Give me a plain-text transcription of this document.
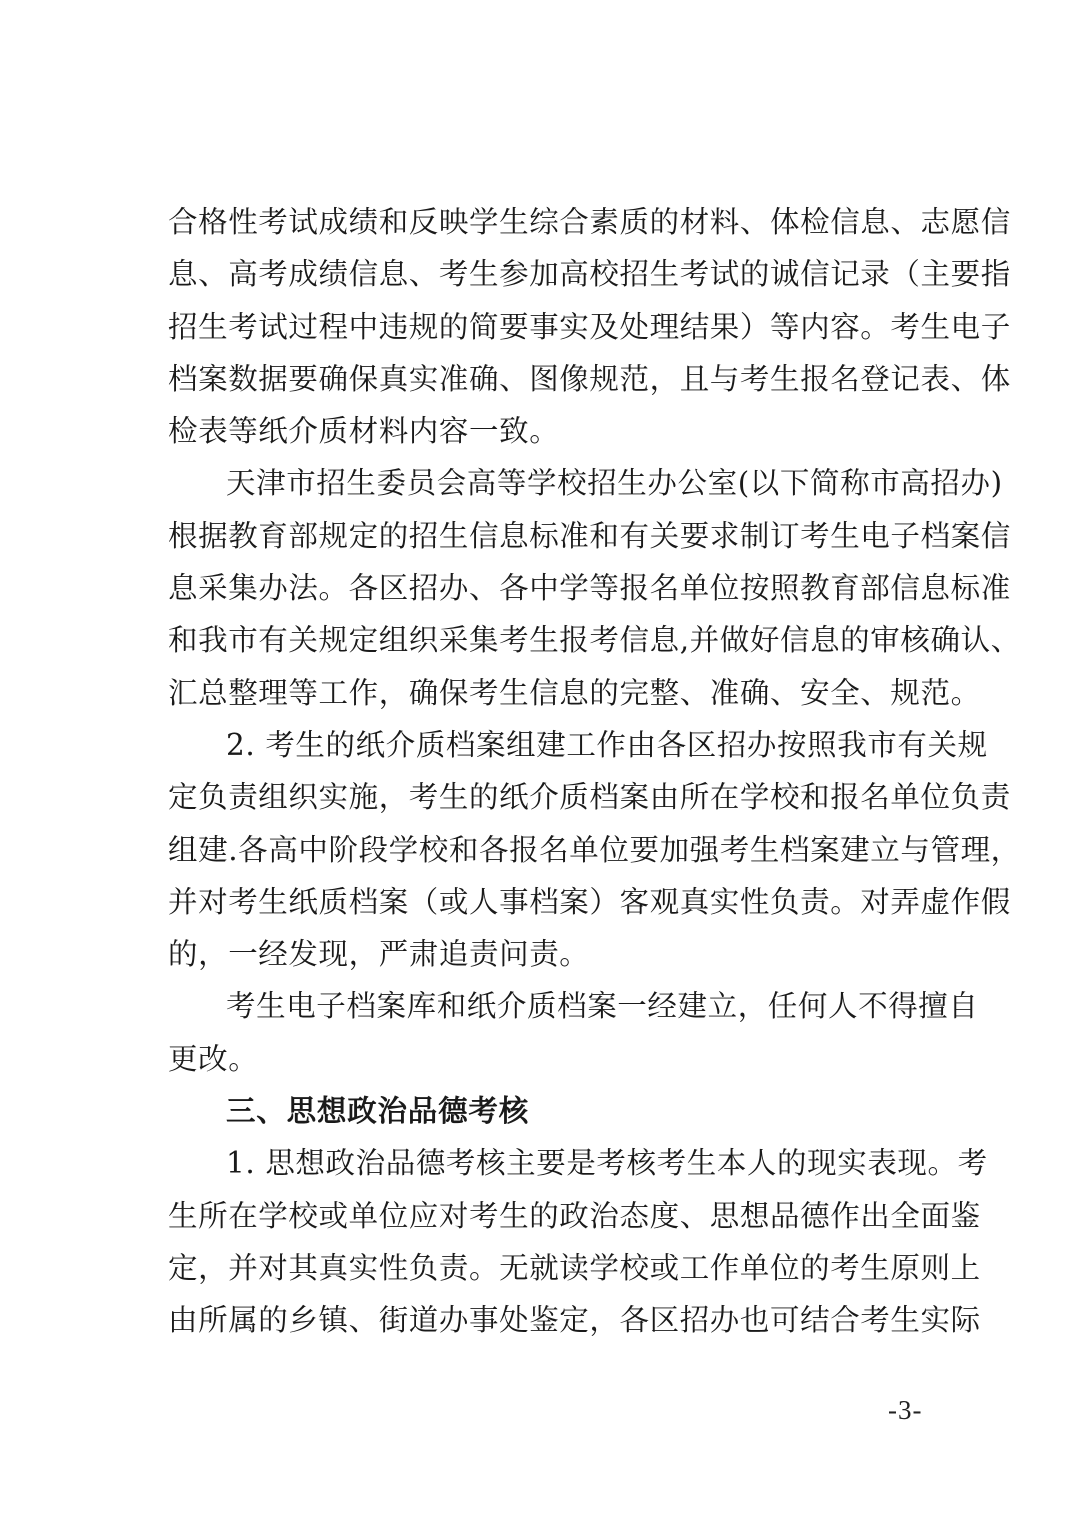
合格性考试成绩和反映学生综合素质的材料、体检信息、志愿信
息、高考成绩信息、考生参加高校招生考试的诚信记录（主要指
招生考试过程中违规的简要事实及处理结果）等内容。考生电子
档案数据要确保真实准确、图像规范，且与考生报名登记表、体
检表等纸介质材料内容一致。
天津市招生委员会高等学校招生办公室(以下简称市高招办)
根据教育部规定的招生信息标准和有关要求制订考生电子档案信
息采集办法。各区招办、各中学等报名单位按照教育部信息标准
和我市有关规定组织采集考生报考信息,并做好信息的审核确认、
汇总整理等工作，确保考生信息的完整、准确、安全、规范。
2. 考生的纸介质档案组建工作由各区招办按照我市有关规
定负责组织实施，考生的纸介质档案由所在学校和报名单位负责
组建.各高中阶段学校和各报名单位要加强考生档案建立与管理，
并对考生纸质档案（或人事档案）客观真实性负责。对弄虚作假
的，一经发现，严肃追责问责。
考生电子档案库和纸介质档案一经建立，任何人不得擅自
更改。
三、思想政治品德考核
1. 思想政治品德考核主要是考核考生本人的现实表现。考
生所在学校或单位应对考生的政治态度、思想品德作出全面鉴
定，并对其真实性负责。无就读学校或工作单位的考生原则上
由所属的乡镇、街道办事处鉴定，各区招办也可结合考生实际
-3-
